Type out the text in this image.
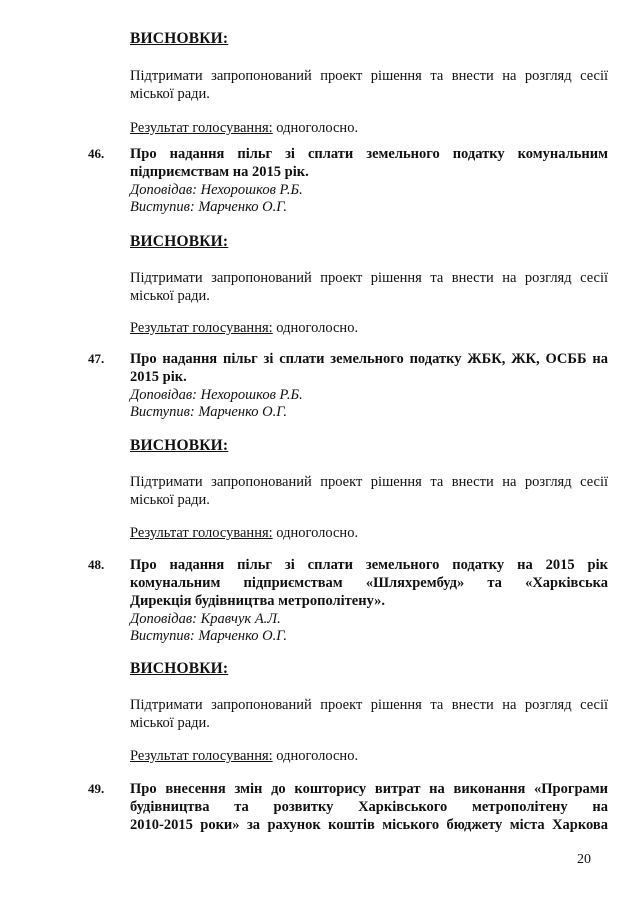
ВИСНОВКИ:
Підтримати запропонований проект рішення та внести на розгляд сесії
міської ради.
Результат голосування: одноголосно.
46. Про надання пільг зі сплати земельного податку комунальним
підприємствам на 2015 рік.
Доповідав: Нехорошков Р.Б.
Виступив: Марченко О.Г.
ВИСНОВКИ:
Підтримати запропонований проект рішення та внести на розгляд сесії
міської ради.
Результат голосування: одноголосно.
47. Про надання пільг зі сплати земельного податку ЖБК, ЖК, ОСББ на
2015 рік.
Доповідав: Нехорошков Р.Б.
Виступив: Марченко О.Г.
ВИСНОВКИ:
Підтримати запропонований проект рішення та внести на розгляд сесії
міської ради.
Результат голосування: одноголосно.
48. Про надання пільг зі сплати земельного податку на 2015 рік
комунальним підприємствам «Шляхрембуд» та «Харківська
Дирекція будівництва метрополітену».
Доповідав: Кравчук А.Л.
Виступив: Марченко О.Г.
ВИСНОВКИ:
Підтримати запропонований проект рішення та внести на розгляд сесії
міської ради.
Результат голосування: одноголосно.
49. Про внесення змін до кошторису витрат на виконання «Програми
будівництва та розвитку Харківського метрополітену на
2010-2015 роки» за рахунок коштів міського бюджету міста Харкова
20
